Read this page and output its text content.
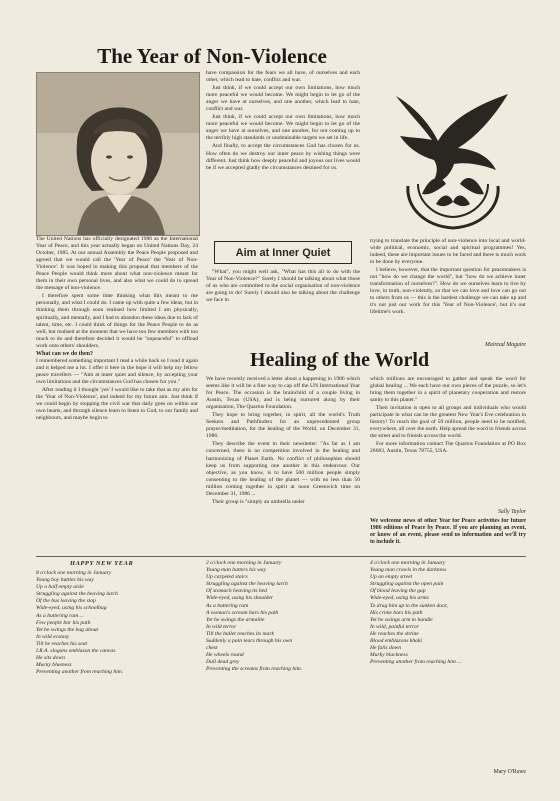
The Year of Non-Violence

The United Nations has officially designated 1986 as the International Year of Peace, and this year actually began on United Nations Day, 24 October, 1985. At our annual Assembly the Peace People proposed and agreed that we would call the 'Year of Peace' the 'Year of Non-Violence'. It was hoped in making this proposal that members of the Peace People would think more about what non-violence meant for them in their own personal lives, and also what we could do to spread the message of non-violence.

I therefore spent some time thinking what this meant to me personally, and what I could do. I came up with quite a few ideas, but in thinking them through soon realised how limited I am physically, spiritually, and mentally, and I had to abandon these ideas due to lack of talent, time, etc. I could think of things for the Peace People to do as well, but realised at the moment that we have too few members with too much to do and therefore decided it would be "unpeaceful" to offload work onto others' shoulders.

What can we do then?

I remembered something important I read a while back so I read it again and it helped me a lot. I offer it here in the hope it will help my fellow peace travellers — "Aim at inner quiet and silence, by accepting your own limitations and the circumstances God has chosen for you."

After reading it I thought 'yes' I would like to take that as my aim for the 'Year of Non-Violence', and indeed for my future aim. Just think if we could begin by stopping the civil war that daily goes on within our own hearts, and through silence learn to listen to God, to our family and neighbours, and maybe begin to

have compassion for the fears we all have, of ourselves and each other, which lead to hate, conflict and war.

Just think, if we could accept our own limitations, how much more peaceful we would become. We might begin to let go of the anger we have at ourselves, and one another, which lead to hate, conflict and war.

Just think, if we could accept our own limitations, how much more peaceful we would become. We might begin to let go of the anger we have at ourselves, and one another, for not coming up to the terribly high standards or unobtainable targets we set in life.

And finally, to accept the circumstances God has chosen for us. How often do we destroy our inner peace by wishing things were different. Just think how deeply peaceful and joyous our lives would be if we accepted gladly the circumstances destined for us.

Aim at Inner Quiet

"What", you might well ask, "What has this all to do with the Year of Non-Violence?" Surely I should be talking about what those of us who are committed to the social organisation of non-violence are going to do! Surely I should also be talking about the challenge we face in

trying to translate the principle of non-violence into local and world-wide political, economic, social and spiritual programmes! Yes, indeed, these are important issues to be faced and there is much work to be done by everyone.

I believe, however, that the important question for peacemakers is not "how do we change the world", but "how do we achieve inner transformation of ourselves?". How do we ourselves learn to live by love, in truth, non-violently, so that we can love and love can go out to others from us — this is the hardest challenge we can take up and it's not just our work for this 'Year of Non-Violence', but it's our lifetime's work.

Mairead Maguire
Healing of the World

We have recently received a letter about a happening in 1986 which seems like it will be a fine way to cap off the UN International Year for Peace. The occasion is the brainchild of a couple living in Austin, Texas (USA), and is being nurtured along by their organisation, The Quartus Foundation.

They hope to bring together, in spirit, all the world's Truth Seekers and Pathfinders for an unprecedented group prayer/meditation, for the healing of the World, on December 31, 1986.

They describe the event in their newsletter: "As far as I am concerned, there is no competition involved in the healing and harmonizing of Planet Earth. No conflict of philosophies should keep us from supporting one another in this endeavour. Our objective, as you know, is to have 500 million people simply consenting to the healing of the planet — with no less than 50 million coming together in spirit at noon Greenwich time on December 31, 1986 ...

Their group is "simply an umbrella under

which millions are encouraged to gather and speak the word for global healing ... We each have our own pieces of the puzzle, so let's bring them together in a spirit of planetary cooperation and restore sanity to this planet."

Their invitation is open to all groups and individuals who would participate in what can be the greatest New Year's Eve celebration in history! To reach the goal of 50 million, people need to be notified, everywhere, all over the earth. Help spread the word to friends across the street and to friends across the world.

For more information contact The Quartus Foundation at PO Box 26683, Austin, Texas 78755, USA.

Sally Taylor
We welcome news of other Year for Peace activities for future 1986 editions of Peace by Peace. If you are planning an event, or know of an event, please send us information and we'll try to include it.
HAPPY NEW YEAR
8 o'clock one morning in January
Young boy buttles his way
Up a half empty aisle
Struggling against the heaving lurch
Of the bus leaving the stop
Wide-eyed, using his schoolbag
As a buttering ram ...
Few people bar his path
Yet he swings the bag about
In wild ecstasy
Till he reaches his seat
I.R.A. slogans emblazon the canvas
He sits down
Mucky blueness
Preventing another from reaching him.
2 o'clock one morning in January
Young man batters his way
Up carpeted stairs
Struggling against the heaving lurch
Of stomach heaving its bed
Wide-eyed, using his shoulder
As a battering ram
A woman's scream bars his path
Yet he swings the armalite
In wild terror
Till the bullet reaches its mark
Suddenly a pain tears through his own
chest
He wheels round
Dull dead grey
Preventing the screams from reaching him.
4 o'clock one morning in January
Young man crawls in the darkness
Up an empty street
Struggling against the open pain
Of blood leaving the gap
Wide-eyed, using his arms
To drag him up to the sunken door,
His crime bars his path
Yet he swings arm to handle
In wild, painful terror
He reaches the shrine
Blood emblazons khaki
He falls down
Murky blackness
Preventing another from reaching him ...
Mary O'Rawe
